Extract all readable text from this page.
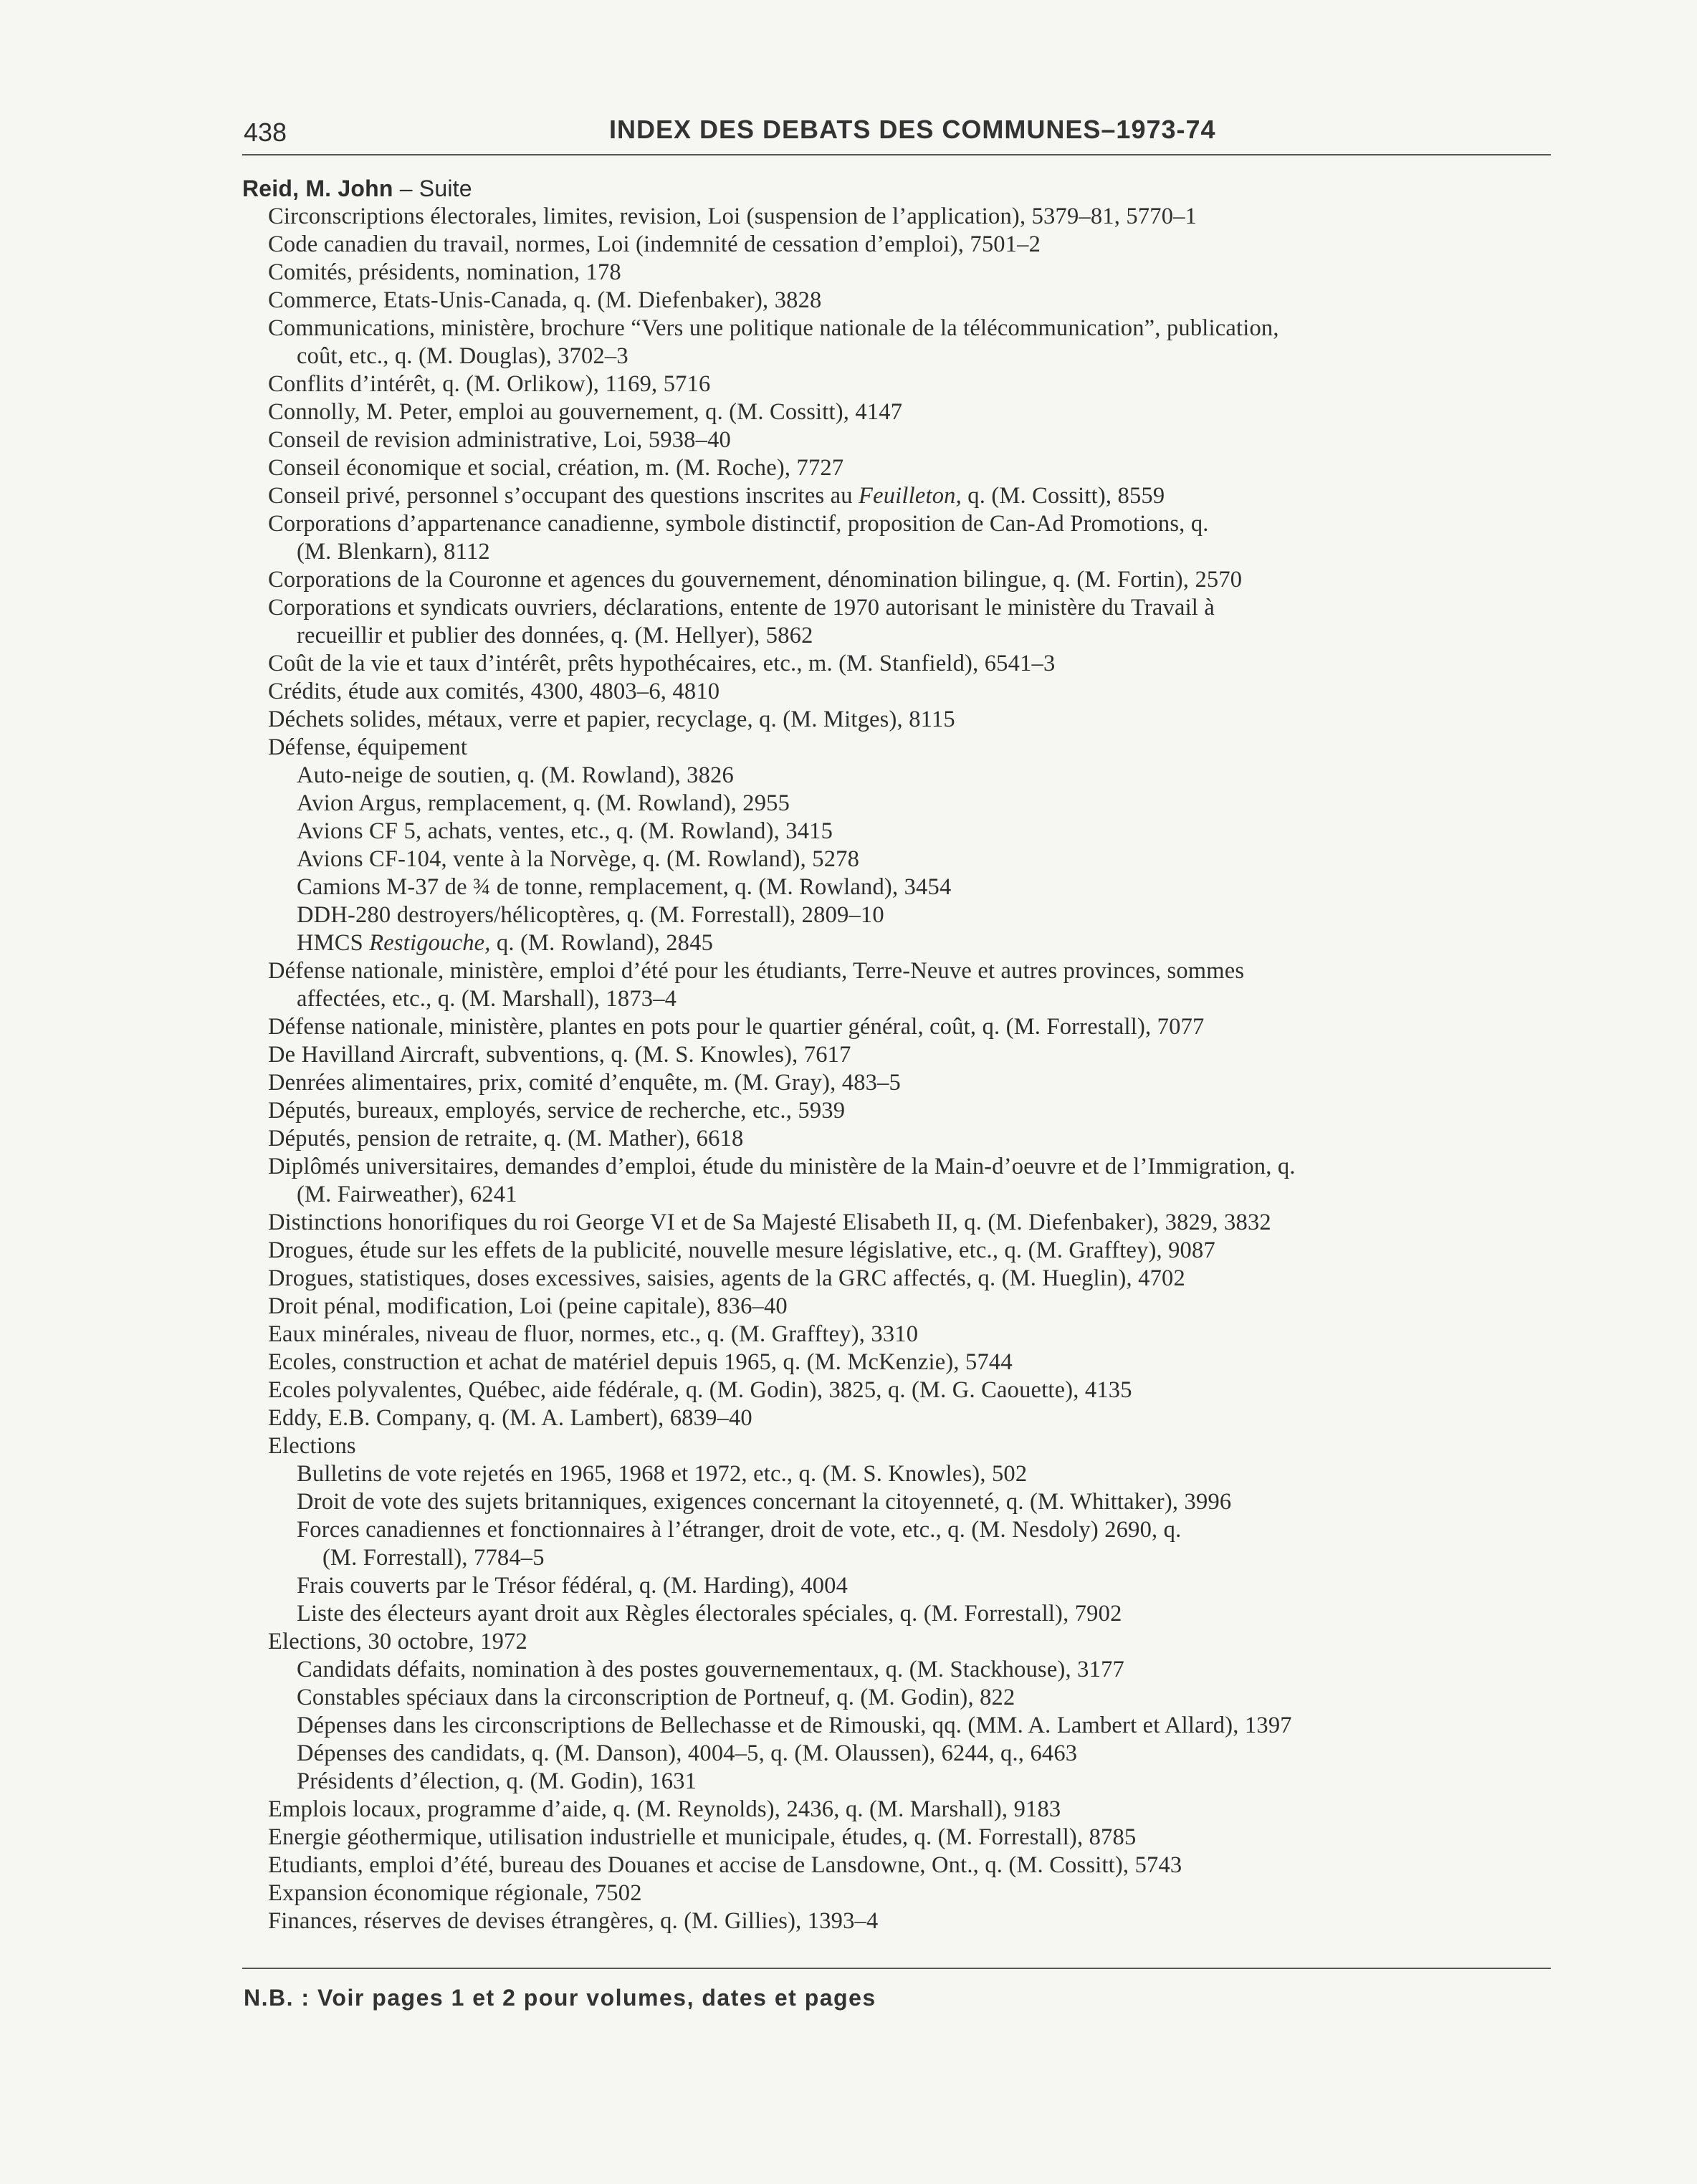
438	INDEX DES DEBATS DES COMMUNES–1973-74
Reid, M. John – Suite
Circonscriptions électorales, limites, revision, Loi (suspension de l’application), 5379–81, 5770–1
Code canadien du travail, normes, Loi (indemnité de cessation d’emploi), 7501–2
Comités, présidents, nomination, 178
Commerce, Etats-Unis-Canada, q. (M. Diefenbaker), 3828
Communications, ministère, brochure “Vers une politique nationale de la télécommunication”, publication,
coût, etc., q. (M. Douglas), 3702–3
Conflits d’intérêt, q. (M. Orlikow), 1169, 5716
Connolly, M. Peter, emploi au gouvernement, q. (M. Cossitt), 4147
Conseil de revision administrative, Loi, 5938–40
Conseil économique et social, création, m. (M. Roche), 7727
Conseil privé, personnel s’occupant des questions inscrites au Feuilleton, q. (M. Cossitt), 8559
Corporations d’appartenance canadienne, symbole distinctif, proposition de Can-Ad Promotions, q.
(M. Blenkarn), 8112
Corporations de la Couronne et agences du gouvernement, dénomination bilingue, q. (M. Fortin), 2570
Corporations et syndicats ouvriers, déclarations, entente de 1970 autorisant le ministère du Travail à
recueillir et publier des données, q. (M. Hellyer), 5862
Coût de la vie et taux d’intérêt, prêts hypothécaires, etc., m. (M. Stanfield), 6541–3
Crédits, étude aux comités, 4300, 4803–6, 4810
Déchets solides, métaux, verre et papier, recyclage, q. (M. Mitges), 8115
Défense, équipement
Auto-neige de soutien, q. (M. Rowland), 3826
Avion Argus, remplacement, q. (M. Rowland), 2955
Avions CF 5, achats, ventes, etc., q. (M. Rowland), 3415
Avions CF-104, vente à la Norvège, q. (M. Rowland), 5278
Camions M-37 de ¾ de tonne, remplacement, q. (M. Rowland), 3454
DDH-280 destroyers/hélicoptères, q. (M. Forrestall), 2809–10
HMCS Restigouche, q. (M. Rowland), 2845
Défense nationale, ministère, emploi d’été pour les étudiants, Terre-Neuve et autres provinces, sommes
affectées, etc., q. (M. Marshall), 1873–4
Défense nationale, ministère, plantes en pots pour le quartier général, coût, q. (M. Forrestall), 7077
De Havilland Aircraft, subventions, q. (M. S. Knowles), 7617
Denrées alimentaires, prix, comité d’enquête, m. (M. Gray), 483–5
Députés, bureaux, employés, service de recherche, etc., 5939
Députés, pension de retraite, q. (M. Mather), 6618
Diplômés universitaires, demandes d’emploi, étude du ministère de la Main-d’oeuvre et de l’Immigration, q.
(M. Fairweather), 6241
Distinctions honorifiques du roi George VI et de Sa Majesté Elisabeth II, q. (M. Diefenbaker), 3829, 3832
Drogues, étude sur les effets de la publicité, nouvelle mesure législative, etc., q. (M. Grafftey), 9087
Drogues, statistiques, doses excessives, saisies, agents de la GRC affectés, q. (M. Hueglin), 4702
Droit pénal, modification, Loi (peine capitale), 836–40
Eaux minérales, niveau de fluor, normes, etc., q. (M. Grafftey), 3310
Ecoles, construction et achat de matériel depuis 1965, q. (M. McKenzie), 5744
Ecoles polyvalentes, Québec, aide fédérale, q. (M. Godin), 3825, q. (M. G. Caouette), 4135
Eddy, E.B. Company, q. (M. A. Lambert), 6839–40
Elections
Bulletins de vote rejetés en 1965, 1968 et 1972, etc., q. (M. S. Knowles), 502
Droit de vote des sujets britanniques, exigences concernant la citoyenneté, q. (M. Whittaker), 3996
Forces canadiennes et fonctionnaires à l’étranger, droit de vote, etc., q. (M. Nesdoly) 2690, q.
(M. Forrestall), 7784–5
Frais couverts par le Trésor fédéral, q. (M. Harding), 4004
Liste des électeurs ayant droit aux Règles électorales spéciales, q. (M. Forrestall), 7902
Elections, 30 octobre, 1972
Candidats défaits, nomination à des postes gouvernementaux, q. (M. Stackhouse), 3177
Constables spéciaux dans la circonscription de Portneuf, q. (M. Godin), 822
Dépenses dans les circonscriptions de Bellechasse et de Rimouski, qq. (MM. A. Lambert et Allard), 1397
Dépenses des candidats, q. (M. Danson), 4004–5, q. (M. Olaussen), 6244, q., 6463
Présidents d’élection, q. (M. Godin), 1631
Emplois locaux, programme d’aide, q. (M. Reynolds), 2436, q. (M. Marshall), 9183
Energie géothermique, utilisation industrielle et municipale, études, q. (M. Forrestall), 8785
Etudiants, emploi d’été, bureau des Douanes et accise de Lansdowne, Ont., q. (M. Cossitt), 5743
Expansion économique régionale, 7502
Finances, réserves de devises étrangères, q. (M. Gillies), 1393–4
N.B. : Voir pages 1 et 2 pour volumes, dates et pages
